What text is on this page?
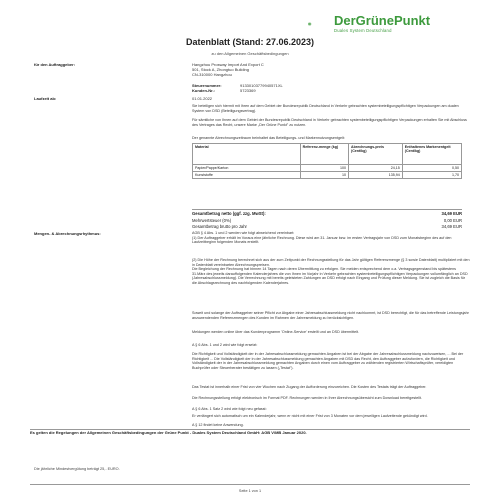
DerGrünePunkt
Duales System Deutschland
Datenblatt (Stand: 27.06.2023)
zu den Allgemeinen Geschäftsbedingungen
für den Auftraggeber:	Hangzhou Prosway Import And Export C
501, Stock A, Zhongtuo Building
CN-310000 Hangzhou
Steuernummer:	91330103779940571XL
Kunden-Nr.:	5723369
Laufzeit ab:	01.01.2022
Sie beteiligen sich hiermit mit Ihren auf dem Gebiet der Bundesrepublik Deutschland in Verkehr gebrachten systembeteiligungspflichtigen Verpackungen am dualen System von DSD (Beteiligungsvertrag).
Für sämtliche von Ihnen auf dem Gebiet der Bundesrepublik Deutschland in Verkehr gebrachten systembeteiligungspflichtigen Verpackungen erhalten Sie mit Abschluss des Vertrages das Recht, unsere Marke „Der Grüne Punkt" zu nutzen.
Der genannte Abrechnungszeitraum beinhaltet das Beteiligungs- und Markennutzungsentgelt:
Material	Referenz-menge (kg)	Abrechnungs-preis (Cent/kg)	Enthaltenes Markenentgelt (Cent/kg)
Papier/Pappe/Karton	100	24,15	0,50
Kunststoffe	10	135,94	1,70
Gesamtbetrag netto (ggf. zzg. MwSt):	34,69 EUR
Mehrwertsteuer (0%)	0,00 EUR
Gesamtbetrag brutto pro Jahr	34,69 EUR
Mengen- & Abrechnungsrhythmus:	AGB § 4 Abs. 1 und 2 werden wie folgt abweichend vereinbart:
(1) Der Auftraggeber erhält im Voraus eine jährliche Rechnung. Diese wird am 31. Januar bzw. im ersten Vertragsjahr von DSD zum Monatsbeginn des auf den Laufzeitbeginn folgenden Monats erstellt.
(2) Die Höhe der Rechnung berechnet sich aus der zum Zeitpunkt der Rechnungsstellung für das Jahr gültigen Referenzmenge (§ 3 sowie Datenblatt) multipliziert mit den in Datenblatt vereinbarten Abrechnungspreisen.
Die Begleichung der Rechnung hat binnen 14 Tagen nach deren Übermittlung zu erfolgen. Sie melden entsprechend dem o.a. Vertragsgegenstand bis spätestens 31.März des jeweils darauffolgenden Kalenderjahres die von Ihnen im Vorjahr in Verkehr gebrachten systembeteiligungspflichtigen Verpackungen vollumfänglich an DSD (Jahresabschlussmeldung). Die Verrechnung mit bereits geleisteten Zahlungen an DSD erfolgt nach Eingang und Prüfung dieser Meldung. Sie ist zugleich die Basis für die Abschlagsrechnung des nachfolgenden Kalenderjahres.
Soweit und solange der Auftraggeber seiner Pflicht zur Abgabe einer Jahresabschlussmeldung nicht nachkommt, ist DSD berechtigt, die für das betreffende Leistungsjahr anzuwendenden Referenzmengen des Kunden im Rahmen der Jahresmeldung zu berücksichtigen.
Meldungen werden online über das Kundenprogramm 'Online-Service' erstellt und an DSD übermittelt.
A § 6 Abs. 1 und 2 wird wie folgt ersetzt:
Die Richtigkeit und Vollständigkeit der in der Jahresabschlussmeldung gemachten Angaben ist bei der Abgabe der Jahresabschlussmeldung nachzuweisen, ... Bei der Richtigkeit ... Die Vollständigkeit der in der Jahresabschlussmeldung gemachten Angaben mit DSD das Recht, den Auftraggeber aufzufordern, die Richtigkeit und Vollständigkeit der in der Jahresabschlussmeldung gemachten Angaben durch einen vom Auftraggeber zu wählenden registrierten Wirtschaftsprüfer, vereidigten Buchprüfer oder Steuerberater bestätigen zu lassen („Testat").
Das Testat ist innerhalb einer Frist von vier Wochen nach Zugang der Aufforderung einzureichen. Die Kosten des Testats trägt der Auftraggeber.
Die Rechnungsstellung erfolgt elektronisch im Format PDF. Rechnungen werden in Ihrer Abrechnungsübersicht zum Download bereitgestellt.
A § 6 Abs. 1 Satz 2 wird wie folgt neu gefasst:
Er verlängert sich automatisch um ein Kalenderjahr, wenn er nicht mit einer Frist von 3 Monaten vor dem jeweiligen Laufzeitende gekündigt wird.
A § 12 findet keine Anwendung.
Es gelten die Regelungen der Allgemeinen Geschäftsbedingungen der Grüne Punkt - Duales System Deutschland GmbH: AGB V/MB Januar 2020.
Die jährliche Mindestvergütung beträgt 25,- EURO.
Seite 1 von 1
